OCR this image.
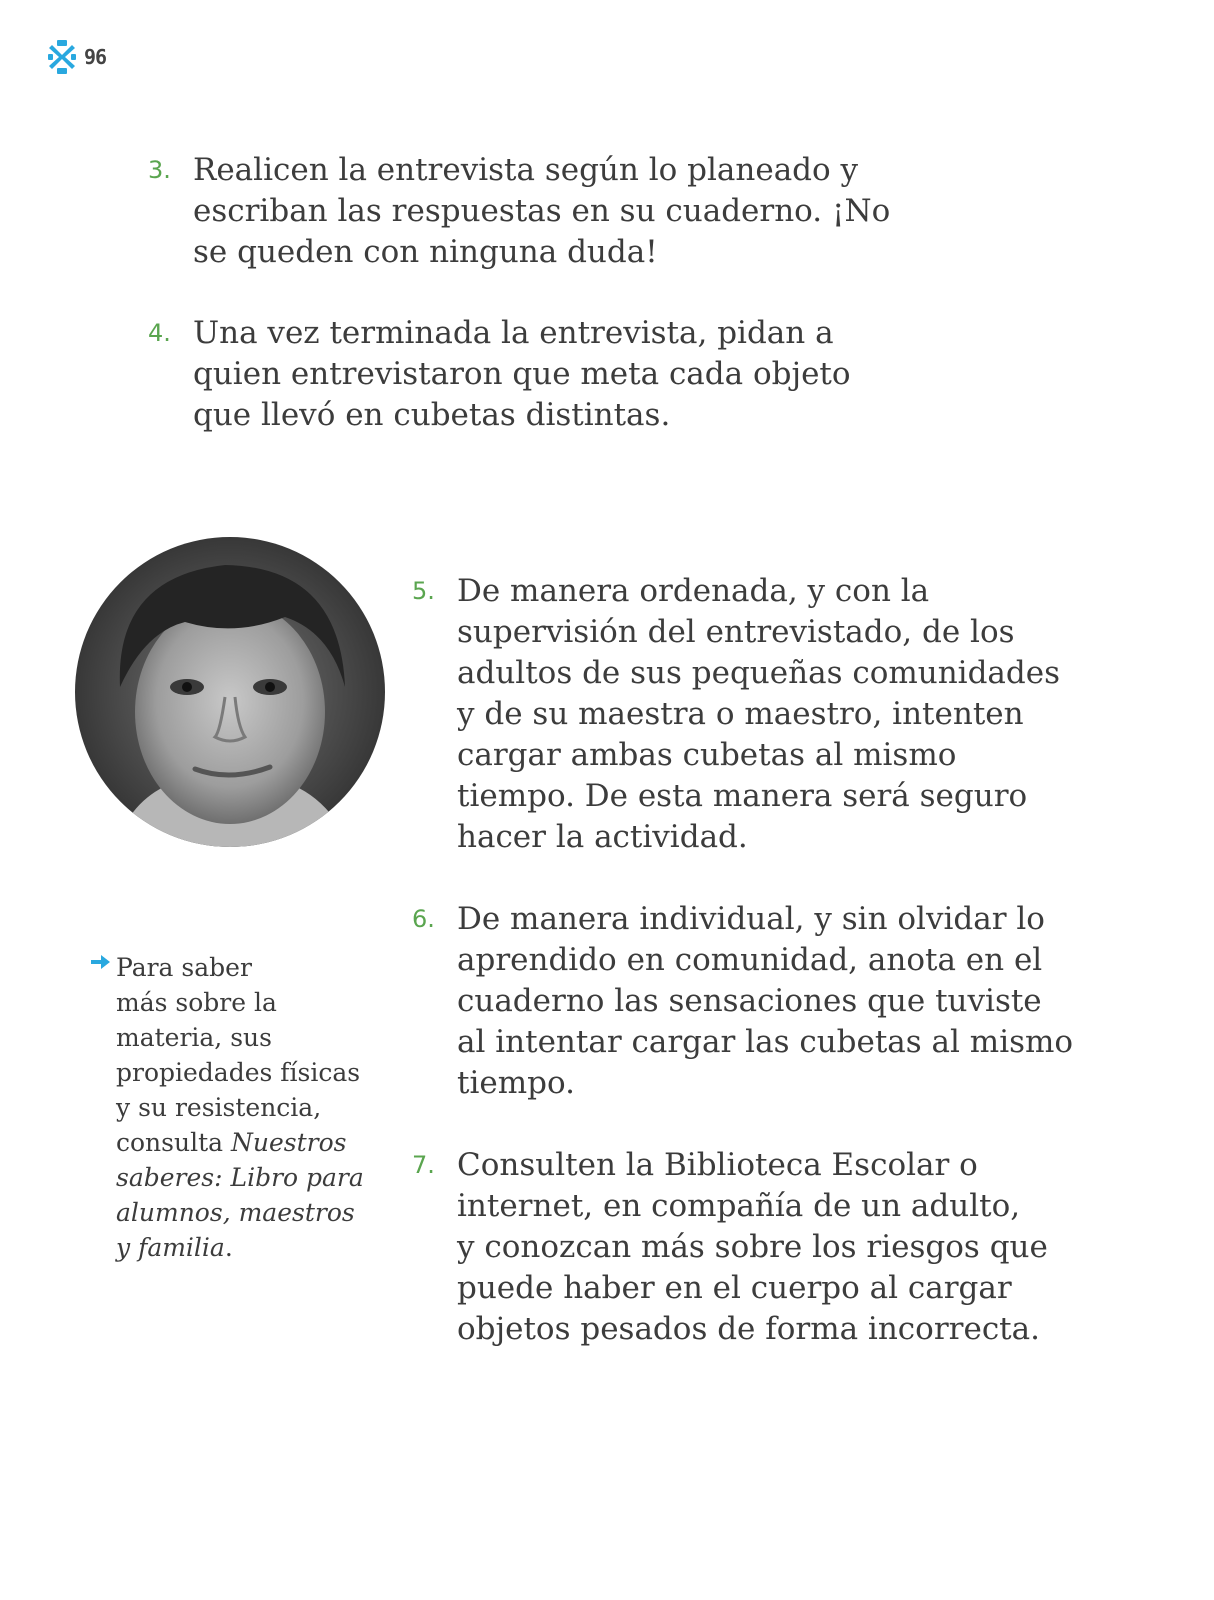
96
3. Realicen la entrevista según lo planeado y
escriban las respuestas en su cuaderno. ¡No
se queden con ninguna duda!
4. Una vez terminada la entrevista, pidan a
quien entrevistaron que meta cada objeto
que llevó en cubetas distintas.
5. De manera ordenada, y con la
supervisión del entrevistado, de los
adultos de sus pequeñas comunidades
y de su maestra o maestro, intenten
cargar ambas cubetas al mismo
tiempo. De esta manera será seguro
hacer la actividad.
6. De manera individual, y sin olvidar lo
aprendido en comunidad, anota en el
cuaderno las sensaciones que tuviste
al intentar cargar las cubetas al mismo
tiempo.
7. Consulten la Biblioteca Escolar o
internet, en compañía de un adulto,
y conozcan más sobre los riesgos que
puede haber en el cuerpo al cargar
objetos pesados de forma incorrecta.
Para saber
más sobre la
materia, sus
propiedades físicas
y su resistencia,
consulta Nuestros
saberes: Libro para
alumnos, maestros
y familia.
